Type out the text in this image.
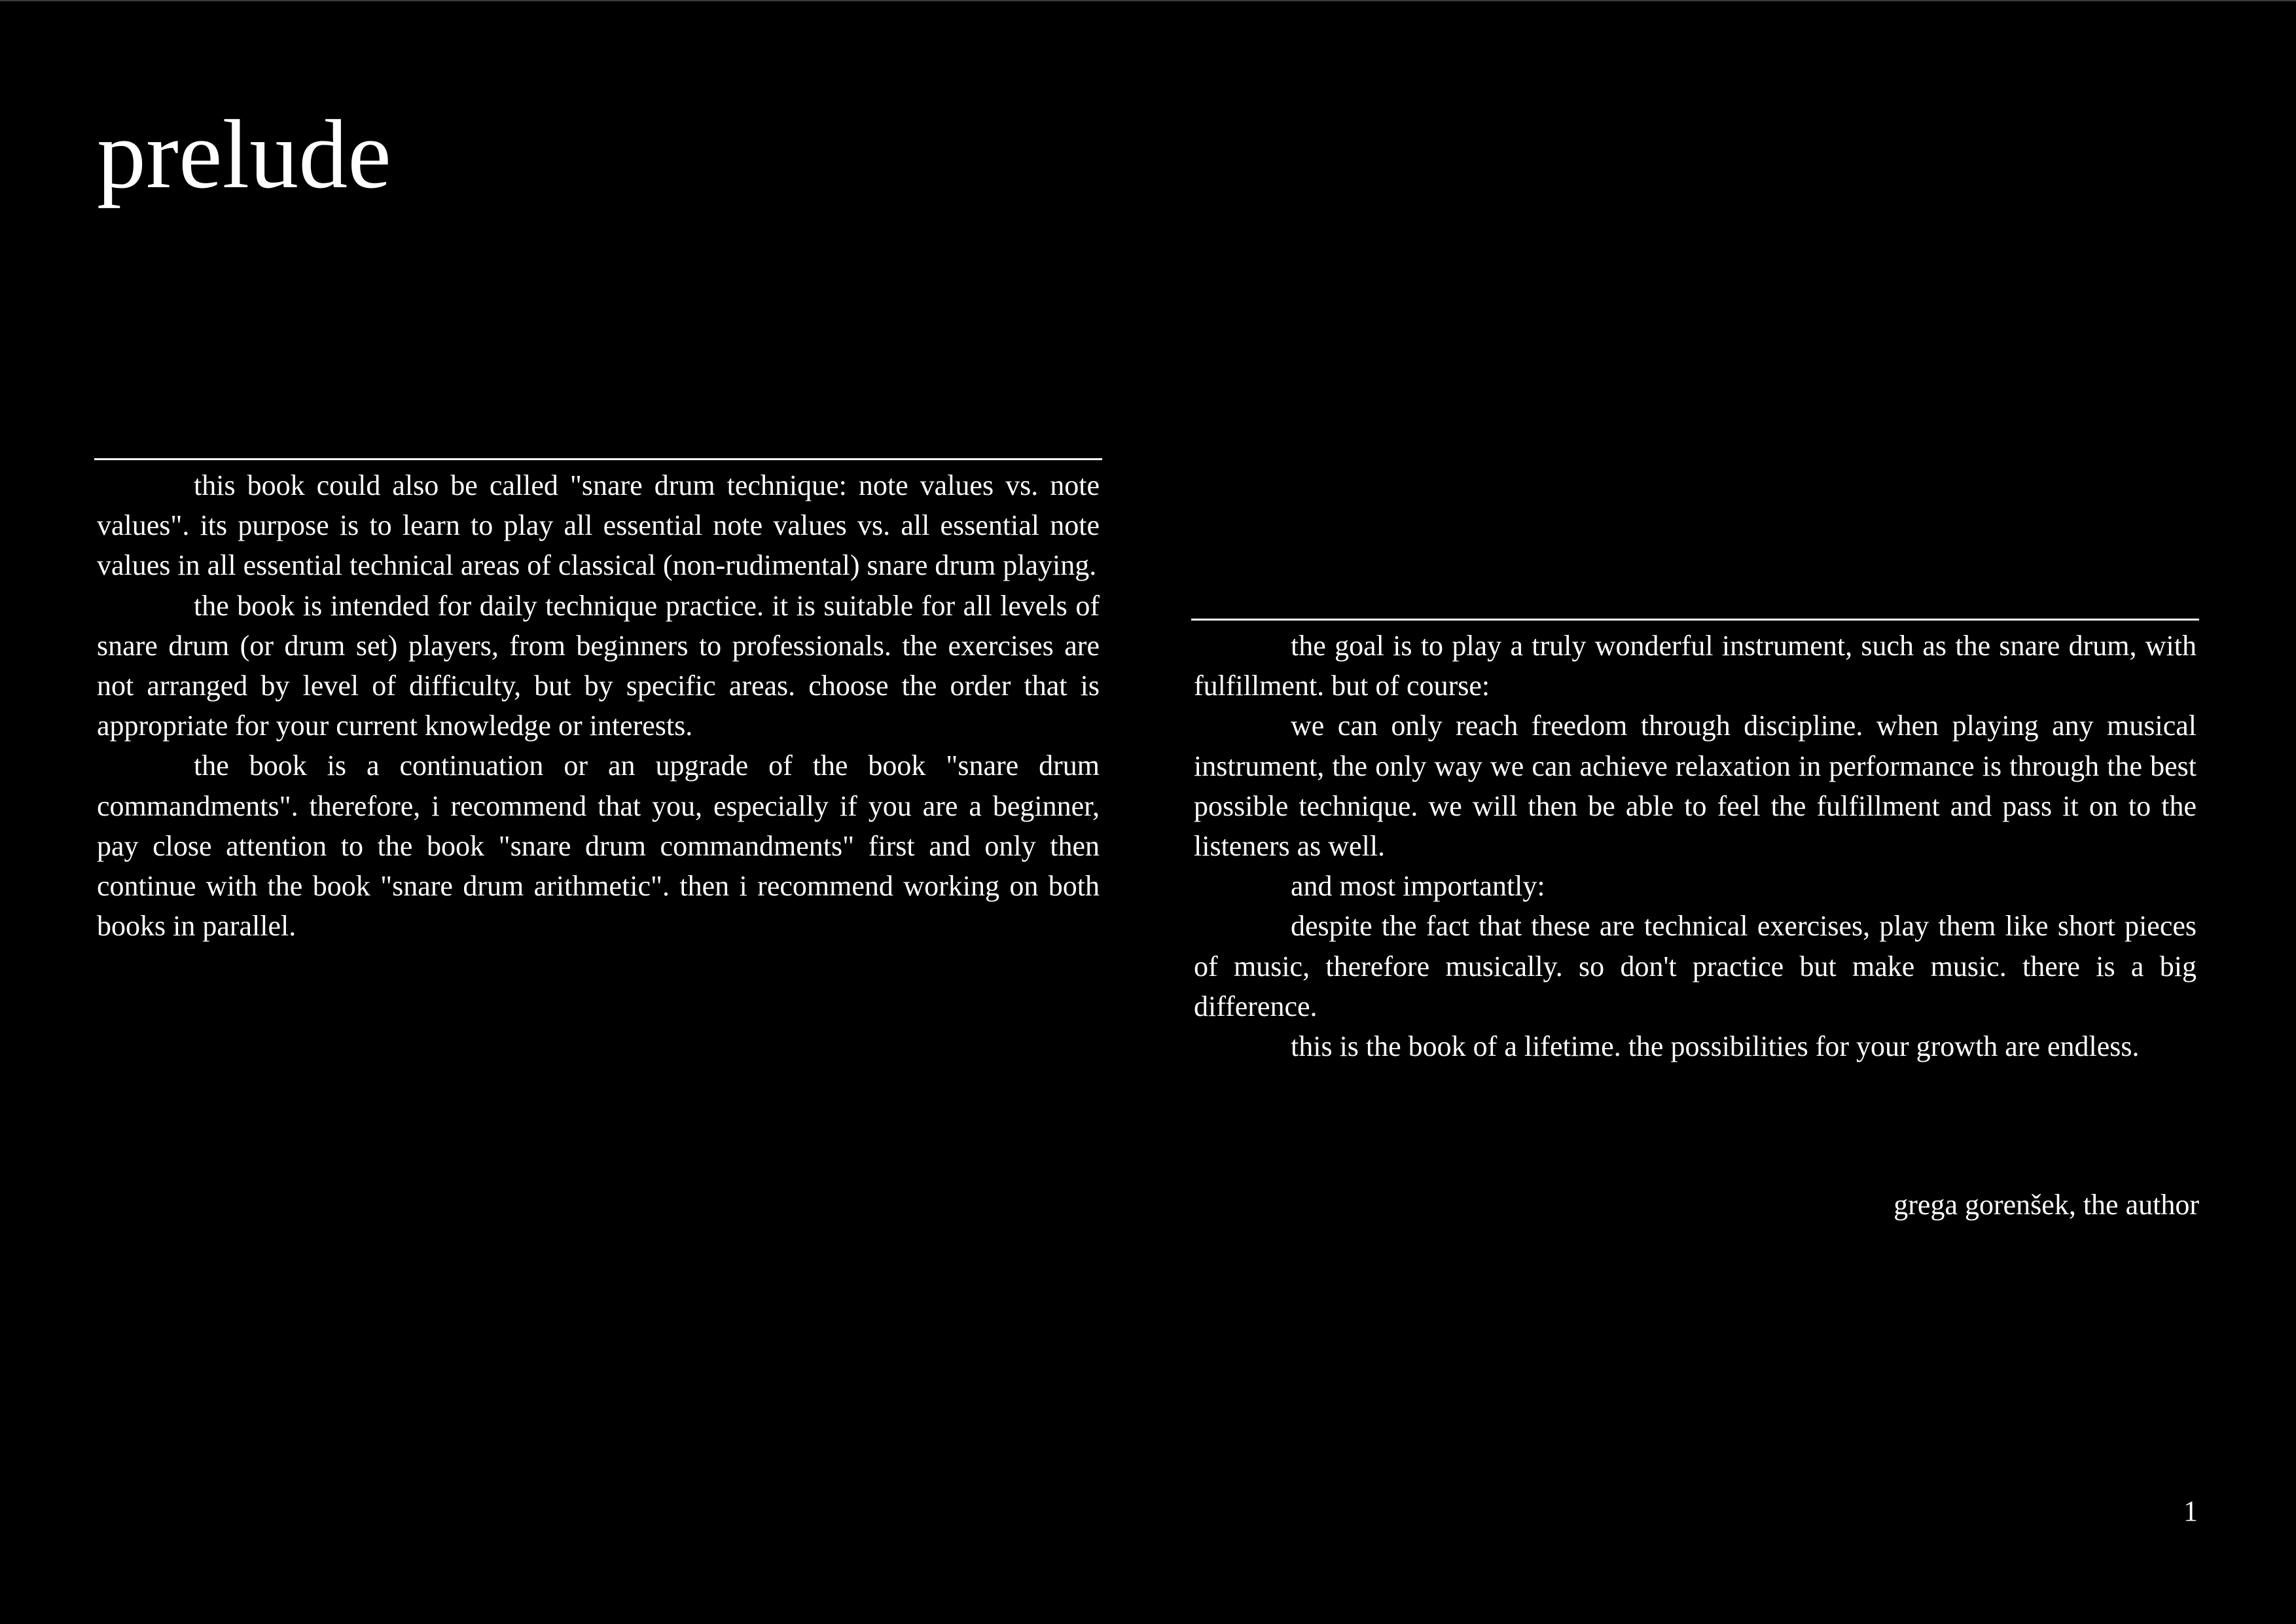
prelude

this book could also be called "snare drum technique: note values vs. note values". its purpose is to learn to play all essential note values vs. all essential note values in all essential technical areas of classical (non-rudimental) snare drum playing.

the book is intended for daily technique practice. it is suitable for all levels of snare drum (or drum set) players, from beginners to professionals. the exercises are not arranged by level of difficulty, but by specific areas. choose the order that is appropriate for your current knowledge or interests.

the book is a continuation or an upgrade of the book "snare drum commandments". therefore, i recommend that you, especially if you are a beginner, pay close attention to the book "snare drum commandments" first and only then continue with the book "snare drum arithmetic". then i recommend working on both books in parallel.

the goal is to play a truly wonderful instrument, such as the snare drum, with fulfillment. but of course:

we can only reach freedom through discipline. when playing any musical instrument, the only way we can achieve relaxation in performance is through the best possible technique. we will then be able to feel the fulfillment and pass it on to the listeners as well.

and most importantly:

despite the fact that these are technical exercises, play them like short pieces of music, therefore musically. so don't practice but make music. there is a big difference.

this is the book of a lifetime. the possibilities for your growth are endless.

grega gorenšek, the author

1
